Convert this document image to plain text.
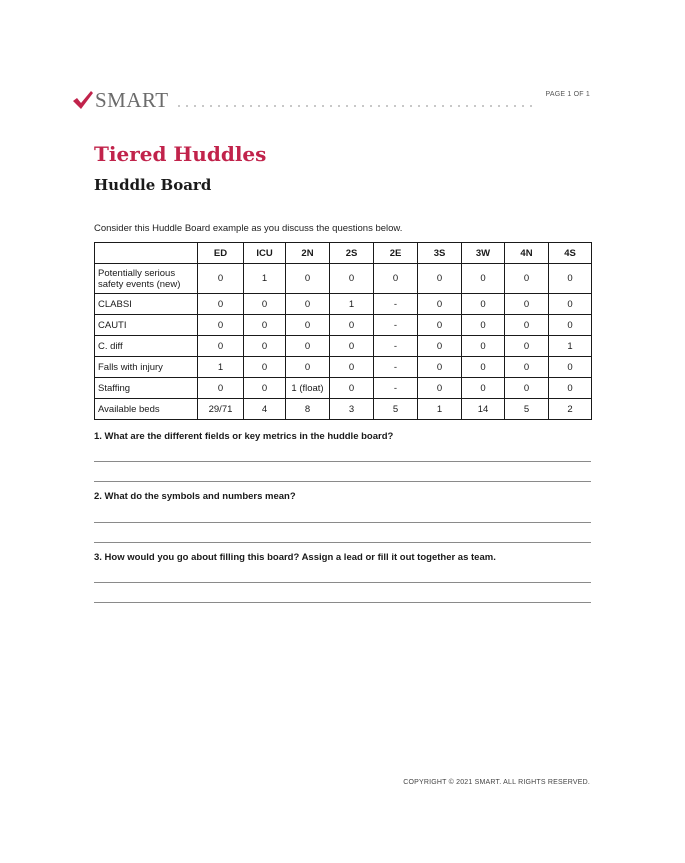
SMART	PAGE 1 OF 1
Tiered Huddles
Huddle Board
Consider this Huddle Board example as you discuss the questions below.
	ED	ICU	2N	2S	2E	3S	3W	4N	4S
Potentially serious safety events (new)	0	1	0	0	0	0	0	0	0
CLABSI	0	0	0	1	-	0	0	0	0
CAUTI	0	0	0	0	-	0	0	0	0
C. diff	0	0	0	0	-	0	0	0	1
Falls with injury	1	0	0	0	-	0	0	0	0
Staffing	0	0	1 (float)	0	-	0	0	0	0
Available beds	29/71	4	8	3	5	1	14	5	2
1. What are the different fields or key metrics in the huddle board?
2. What do the symbols and numbers mean?
3. How would you go about filling this board? Assign a lead or fill it out together as team.
COPYRIGHT © 2021 SMART. ALL RIGHTS RESERVED.
